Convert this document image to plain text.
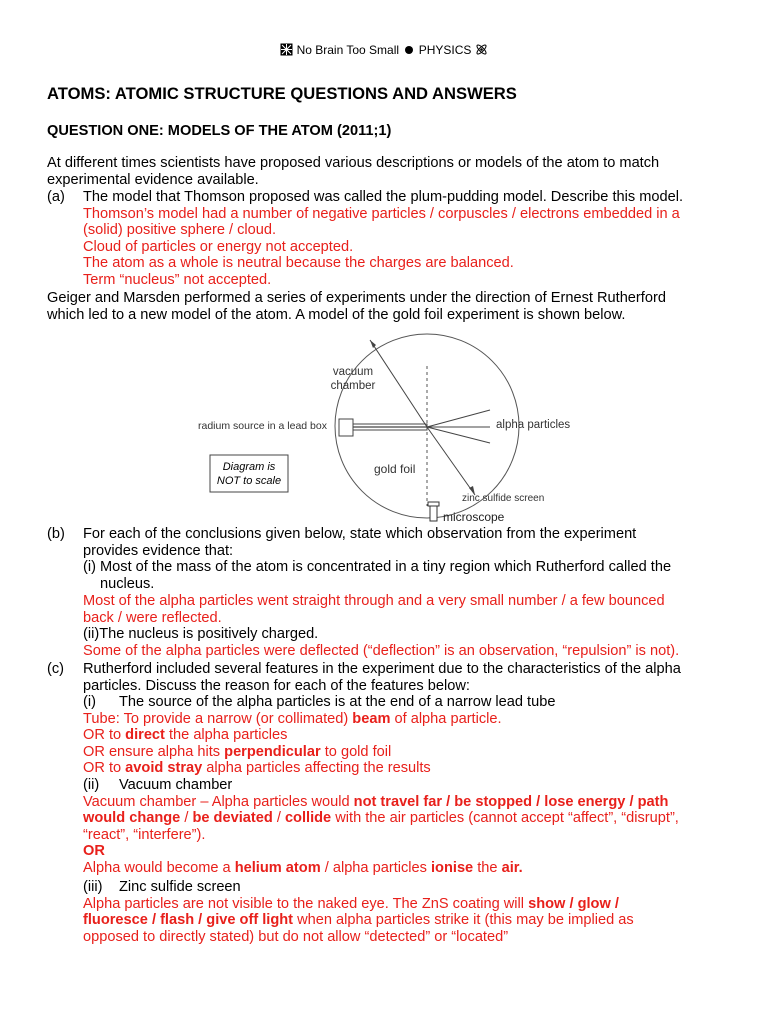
No Brain Too Small PHYSICS
ATOMS: ATOMIC STRUCTURE QUESTIONS AND ANSWERS
QUESTION ONE: MODELS OF THE ATOM (2011;1)
At different times scientists have proposed various descriptions or models of the atom to match
experimental evidence available.
(a) The model that Thomson proposed was called the plum-pudding model. Describe this model.
Thomson’s model had a number of negative particles / corpuscles / electrons embedded in a
(solid) positive sphere / cloud.
Cloud of particles or energy not accepted.
The atom as a whole is neutral because the charges are balanced.
Term “nucleus” not accepted.
Geiger and Marsden performed a series of experiments under the direction of Ernest Rutherford
which led to a new model of the atom. A model of the gold foil experiment is shown below.
Diagram is
NOT to scale
vacuum
chamber
radium source in a lead box	alpha particles
gold foil
zinc sulfide screen
microscope
(b) For each of the conclusions given below, state which observation from the experiment
provides evidence that:
(i) Most of the mass of the atom is concentrated in a tiny region which Rutherford called the
nucleus.
Most of the alpha particles went straight through and a very small number / a few bounced
back / were reflected.
(ii)The nucleus is positively charged.
Some of the alpha particles were deflected (“deflection” is an observation, “repulsion” is not).
(c) Rutherford included several features in the experiment due to the characteristics of the alpha
particles. Discuss the reason for each of the features below:
(i) The source of the alpha particles is at the end of a narrow lead tube
Tube: To provide a narrow (or collimated) beam of alpha particle.
OR to direct the alpha particles
OR ensure alpha hits perpendicular to gold foil
OR to avoid stray alpha particles affecting the results
(ii) Vacuum chamber
Vacuum chamber – Alpha particles would not travel far / be stopped / lose energy / path
would change / be deviated / collide with the air particles (cannot accept “affect”, “disrupt”,
“react”, “interfere”).
OR
Alpha would become a helium atom / alpha particles ionise the air.
(iii) Zinc sulfide screen
Alpha particles are not visible to the naked eye. The ZnS coating will show / glow /
fluoresce / flash / give off light when alpha particles strike it (this may be implied as
opposed to directly stated) but do not allow “detected” or “located”
